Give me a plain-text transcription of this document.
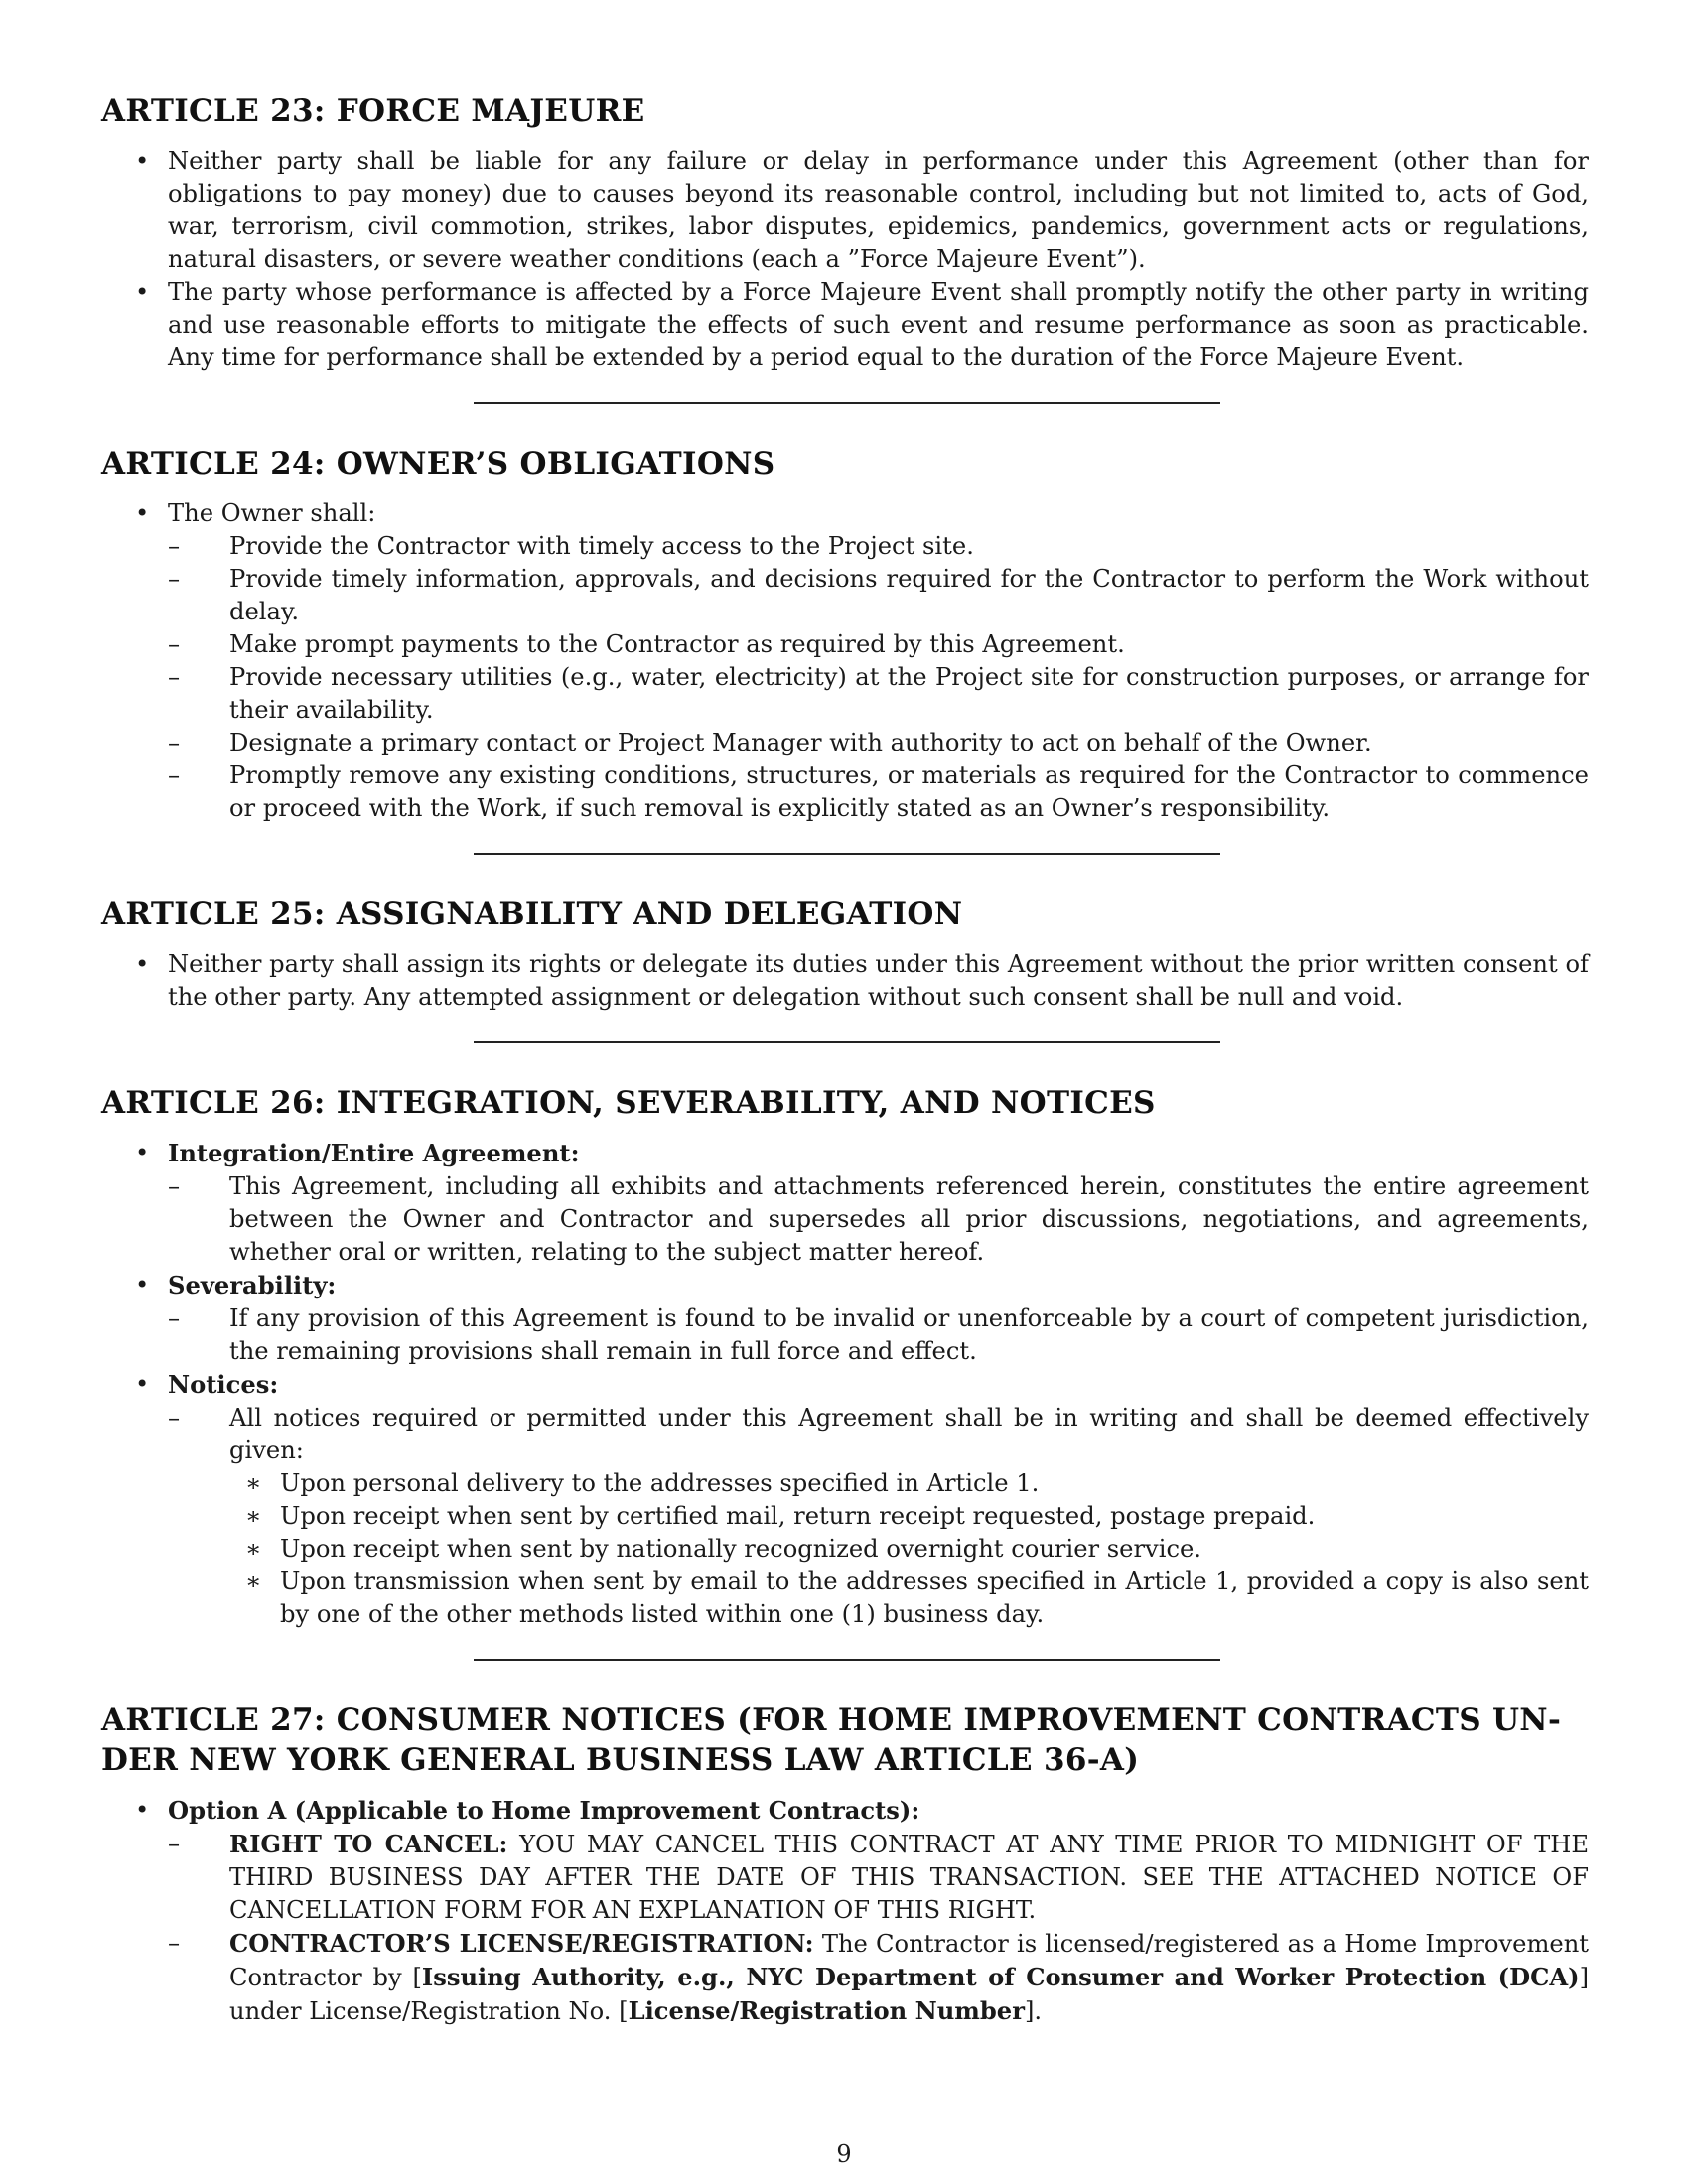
ARTICLE 23: FORCE MAJEURE
• Neither party shall be liable for any failure or delay in performance under this Agreement (other than for obligations to pay money) due to causes beyond its reasonable control, including but not limited to, acts of God, war, terrorism, civil commotion, strikes, labor disputes, epidemics, pandemics, government acts or regulations, natural disasters, or severe weather conditions (each a ”Force Majeure Event”).
• The party whose performance is affected by a Force Majeure Event shall promptly notify the other party in writing and use reasonable efforts to mitigate the effects of such event and resume performance as soon as practicable. Any time for performance shall be extended by a period equal to the duration of the Force Majeure Event.
ARTICLE 24: OWNER’S OBLIGATIONS
• The Owner shall:
– Provide the Contractor with timely access to the Project site.
– Provide timely information, approvals, and decisions required for the Contractor to perform the Work without delay.
– Make prompt payments to the Contractor as required by this Agreement.
– Provide necessary utilities (e.g., water, electricity) at the Project site for construction purposes, or arrange for their availability.
– Designate a primary contact or Project Manager with authority to act on behalf of the Owner.
– Promptly remove any existing conditions, structures, or materials as required for the Contractor to commence or proceed with the Work, if such removal is explicitly stated as an Owner’s responsibility.
ARTICLE 25: ASSIGNABILITY AND DELEGATION
• Neither party shall assign its rights or delegate its duties under this Agreement without the prior written consent of the other party. Any attempted assignment or delegation without such consent shall be null and void.
ARTICLE 26: INTEGRATION, SEVERABILITY, AND NOTICES
• Integration/Entire Agreement:
– This Agreement, including all exhibits and attachments referenced herein, constitutes the entire agreement between the Owner and Contractor and supersedes all prior discussions, negotiations, and agreements, whether oral or written, relating to the subject matter hereof.
• Severability:
– If any provision of this Agreement is found to be invalid or unenforceable by a court of competent jurisdiction, the remaining provisions shall remain in full force and effect.
• Notices:
– All notices required or permitted under this Agreement shall be in writing and shall be deemed effectively given:
∗ Upon personal delivery to the addresses specified in Article 1.
∗ Upon receipt when sent by certified mail, return receipt requested, postage prepaid.
∗ Upon receipt when sent by nationally recognized overnight courier service.
∗ Upon transmission when sent by email to the addresses specified in Article 1, provided a copy is also sent by one of the other methods listed within one (1) business day.
ARTICLE 27: CONSUMER NOTICES (FOR HOME IMPROVEMENT CONTRACTS UN-
DER NEW YORK GENERAL BUSINESS LAW ARTICLE 36-A)
• Option A (Applicable to Home Improvement Contracts):
– RIGHT TO CANCEL: YOU MAY CANCEL THIS CONTRACT AT ANY TIME PRIOR TO MIDNIGHT OF THE THIRD BUSINESS DAY AFTER THE DATE OF THIS TRANSACTION. SEE THE ATTACHED NOTICE OF CANCELLATION FORM FOR AN EXPLANATION OF THIS RIGHT.
– CONTRACTOR’S LICENSE/REGISTRATION: The Contractor is licensed/registered as a Home Improvement Contractor by [Issuing Authority, e.g., NYC Department of Consumer and Worker Protection (DCA)] under License/Registration No. [License/Registration Number].
9
